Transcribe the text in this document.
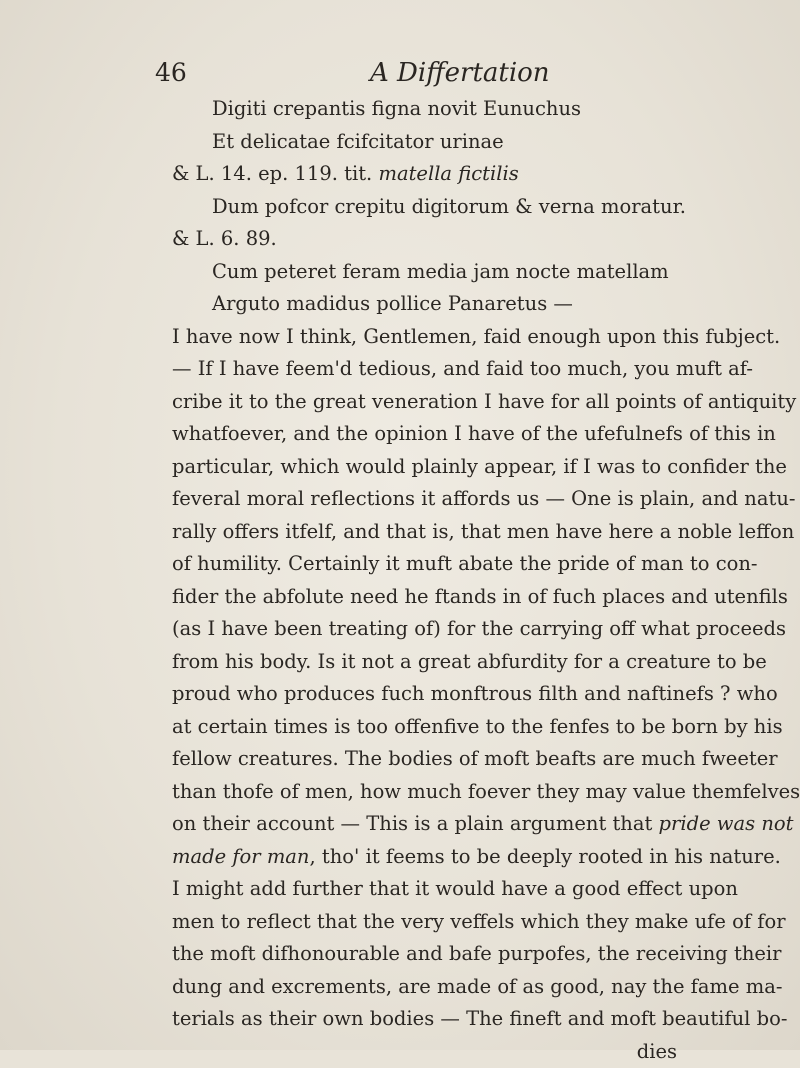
46	A Differtation
Digiti crepantis figna novit Eunuchus
Et delicatae fcifcitator urinae
& L. 14. ep. 119. tit. matella fictilis
Dum pofcor crepitu digitorum & verna moratur.
& L. 6. 89.
Cum peteret feram media jam nocte matellam
Arguto madidus pollice Panaretus —
I have now I think, Gentlemen, faid enough upon this fubject.
— If I have feem'd tedious, and faid too much, you muft af-
cribe it to the great veneration I have for all points of antiquity
whatfoever, and the opinion I have of the ufefulnefs of this in
particular, which would plainly appear, if I was to confider the
feveral moral reflections it affords us — One is plain, and natu-
rally offers itfelf, and that is, that men have here a noble leffon
of humility. Certainly it muft abate the pride of man to con-
fider the abfolute need he ftands in of fuch places and utenfils
(as I have been treating of) for the carrying off what proceeds
from his body. Is it not a great abfurdity for a creature to be
proud who produces fuch monftrous filth and naftinefs ? who
at certain times is too offenfive to the fenfes to be born by his
fellow creatures. The bodies of moft beafts are much fweeter
than thofe of men, how much foever they may value themfelves
on their account — This is a plain argument that pride was not
made for man, tho' it feems to be deeply rooted in his nature.
I might add further that it would have a good effect upon
men to reflect that the very veffels which they make ufe of for
the moft difhonourable and bafe purpofes, the receiving their
dung and excrements, are made of as good, nay the fame ma-
terials as their own bodies — The fineft and moft beautiful bo-
dies
